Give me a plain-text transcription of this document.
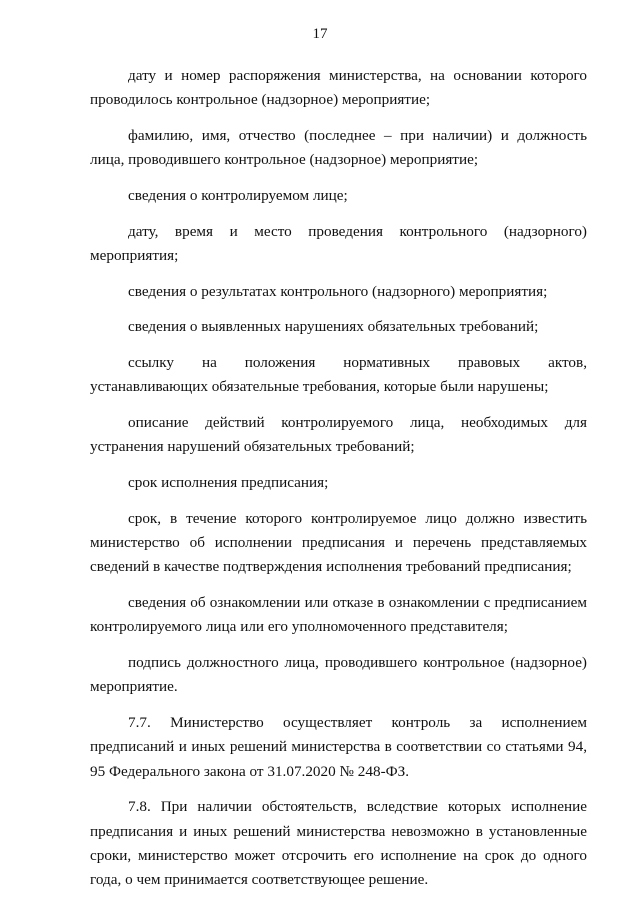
17

дату и номер распоряжения министерства, на основании которого проводилось контрольное (надзорное) мероприятие;

фамилию, имя, отчество (последнее – при наличии) и должность лица, проводившего контрольное (надзорное) мероприятие;

сведения о контролируемом лице;

дату, время и место проведения контрольного (надзорного) мероприятия;

сведения о результатах контрольного (надзорного) мероприятия;

сведения о выявленных нарушениях обязательных требований;

ссылку на положения нормативных правовых актов, устанавливающих обязательные требования, которые были нарушены;

описание действий контролируемого лица, необходимых для устранения нарушений обязательных требований;

срок исполнения предписания;

срок, в течение которого контролируемое лицо должно известить министерство об исполнении предписания и перечень представляемых сведений в качестве подтверждения исполнения требований предписания;

сведения об ознакомлении или отказе в ознакомлении с предписанием контролируемого лица или его уполномоченного представителя;

подпись должностного лица, проводившего контрольное (надзорное) мероприятие.

7.7. Министерство осуществляет контроль за исполнением предписаний и иных решений министерства в соответствии со статьями 94, 95 Федерального закона от 31.07.2020 № 248-ФЗ.

7.8. При наличии обстоятельств, вследствие которых исполнение предписания и иных решений министерства невозможно в установленные сроки, министерство может отсрочить его исполнение на срок до одного года, о чем принимается соответствующее решение.
